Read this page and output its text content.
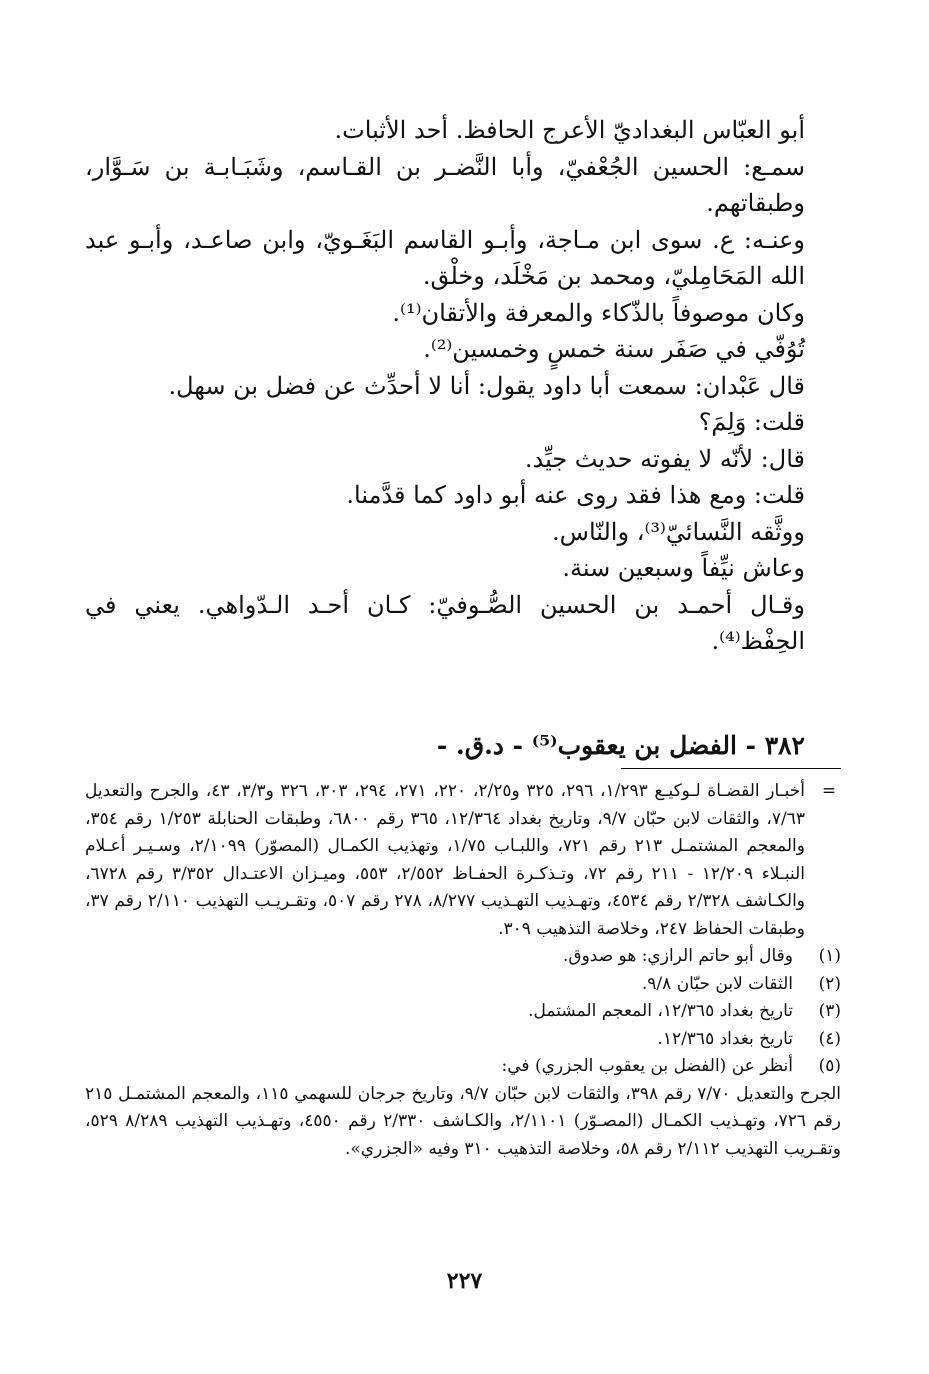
أبو العبّاس البغداديّ الأعرج الحافظ. أحد الأثبات.

سمـع: الحسين الجُعْفيّ، وأبا النَّضـر بن القـاسم، وشَبَـابـة بن سَـوَّار، وطبقاتهم.

وعنـه: ع. سوى ابن مـاجة، وأبـو القاسم البَغَـويّ، وابن صاعـد، وأبـو عبد الله المَحَامِليّ، ومحمد بن مَخْلَد، وخلْق.

وكان موصوفاً بالذّكاء والمعرفة والأتقان⁽¹⁾.

تُوُفّي في صَفَر سنة خمسٍ وخمسين⁽²⁾.

قال عَبْدان: سمعت أبا داود يقول: أنا لا أحدِّث عن فضل بن سهل.

قلت: وَلِمَ؟

قال: لأنّه لا يفوته حديث جيِّد.

قلت: ومع هذا فقد روى عنه أبو داود كما قدَّمنا.

ووثَّقه النَّسائيّ⁽³⁾، والنّاس.

وعاش نيِّفاً وسبعين سنة.

وقـال أحمـد بن الحسين الصُّـوفيّ: كـان أحـد الـدّواهي. يعني في الحِفْظ⁽⁴⁾.

٣٨٢ - الفضل بن يعقوب⁽⁵⁾ - د.ق. -
=
أخبـار القضـاة لـوكيـع ١/٢٩٣، ٢٩٦، ٣٢٥ و٢/٢٥، ٢٢٠، ٢٧١، ٢٩٤، ٣٠٣، ٣٢٦ و٣/٣، ٤٣، والجرح والتعديل ٧/٦٣، والثقات لابن حبّان ٩/٧، وتاريخ بغداد ١٢/٣٦٤، ٣٦٥ رقم ٦٨٠٠، وطبقات الحنابلة ١/٢٥٣ رقم ٣٥٤، والمعجم المشتمـل ٢١٣ رقم ٧٢١، واللبـاب ١/٧٥، وتهذيب الكمـال (المصوّر) ٢/١٠٩٩، وسـيـر أعـلام النبـلاء ١٢/٢٠٩ - ٢١١ رقم ٧٢، وتـذكـرة الحفـاظ ٢/٥٥٢، ٥٥٣، وميـزان الاعتـدال ٣/٣٥٢ رقم ٦٧٢٨، والكـاشف ٢/٣٢٨ رقم ٤٥٣٤، وتهـذيب التهـذيب ٨/٢٧٧، ٢٧٨ رقم ٥٠٧، وتقـريـب التهذيب ٢/١١٠ رقم ٣٧، وطبقات الحفاظ ٢٤٧، وخلاصة التذهيب ٣٠٩.
( ١ )
وقال أبو حاتم الرازي: هو صدوق.
( ٢ )
الثقات لابن حبّان ٩/٨.
( ٣ )
تاريخ بغداد ١٢/٣٦٥، المعجم المشتمل.
( ٤ )
تاريخ بغداد ١٢/٣٦٥.
( ٥ )
أنظر عن (الفضل بن يعقوب الجزري) في:
الجرح والتعديل ٧/٧٠ رقم ٣٩٨، والثقات لابن حبّان ٩/٧، وتاريخ جرجان للسهمي ١١٥، والمعجم المشتمـل ٢١٥ رقم ٧٢٦، وتهـذيب الكمـال (المصـوّر) ٢/١١٠١، والكـاشف ٢/٣٣٠ رقم ٤٥٥٠، وتهـذيب التهذيب ٨/٢٨٩ ٥٢٩، وتقـريب التهذيب ٢/١١٢ رقم ٥٨، وخلاصة التذهيب ٣١٠ وفيه «الجزري».
٢٢٧
